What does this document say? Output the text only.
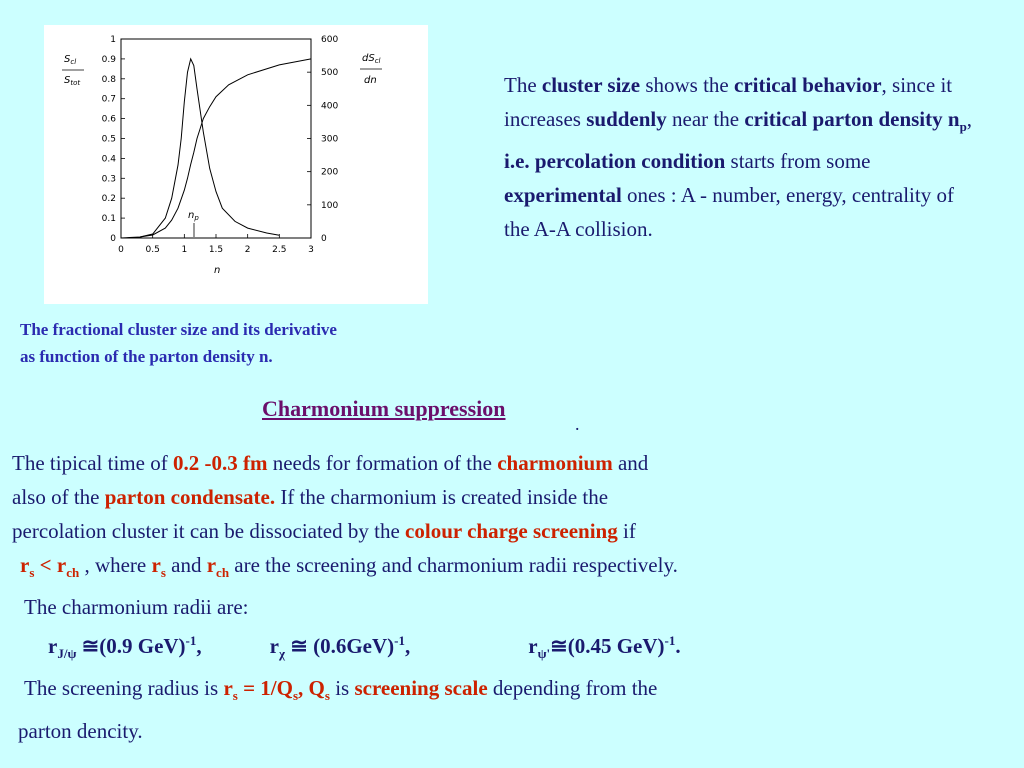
0 0.5 1 1.5 2 2.5 3
0
0.1
0.2
0.3
0.4
0.5
0.6
0.7
0.8
0.9
1
0
100
200
300
400
500
600
n
$S_{cl}$
$S_{tot}$
$dS_{cl}$
dn
$n_p$
The fractional cluster size and its derivative
as function of the parton density n.
The cluster size shows the critical behavior, since it increases suddenly near the critical parton density $n_p$, i.e. percolation condition starts from some experimental ones : A - number, energy, centrality of the A-A collision.
Charmonium suppression
.
The tipical time of 0.2 -0.3 fm needs for formation of the charmonium and
also of the parton condensate. If the charmonium is created inside the
percolation cluster it can be dissociated by the colour charge screening if
$r_s < r_{ch}$ , where $r_s$ and $r_{ch}$ are the screening and charmonium radii respectively.
The charmonium radii are:
$r_{J/\psi}$ ≅(0.9 GeV)$^{-1}$,	$r_\chi$ ≅ $(0.6GeV)^{-1}$,	$r_{\psi'}≅(0.45$ GeV)$^{-1}$.
The screening radius is $r_s = 1/Q_s$, $Q_s$ is screening scale depending from the
parton dencity.
